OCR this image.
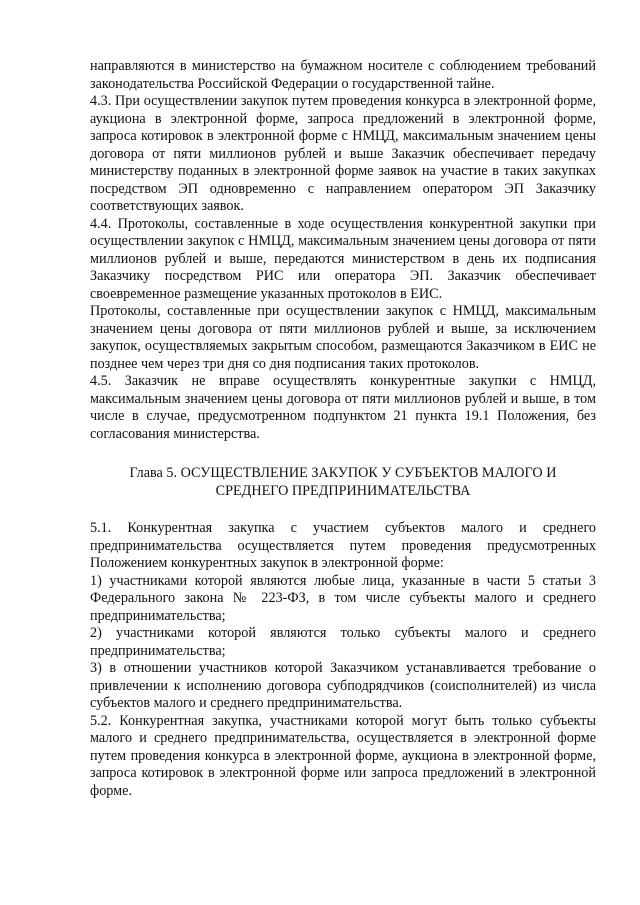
направляются в министерство на бумажном носителе с соблюдением требований законодательства Российской Федерации о государственной тайне.

4.3. При осуществлении закупок путем проведения конкурса в электронной форме, аукциона в электронной форме, запроса предложений в электронной форме, запроса котировок в электронной форме с НМЦД, максимальным значением цены договора от пяти миллионов рублей и выше Заказчик обеспечивает передачу министерству поданных в электронной форме заявок на участие в таких закупках посредством ЭП одновременно с направлением оператором ЭП Заказчику соответствующих заявок.

4.4. Протоколы, составленные в ходе осуществления конкурентной закупки при осуществлении закупок с НМЦД, максимальным значением цены договора от пяти миллионов рублей и выше, передаются министерством в день их подписания Заказчику посредством РИС или оператора ЭП. Заказчик обеспечивает своевременное размещение указанных протоколов в ЕИС.

Протоколы, составленные при осуществлении закупок с НМЦД, максимальным значением цены договора от пяти миллионов рублей и выше, за исключением закупок, осуществляемых закрытым способом, размещаются Заказчиком в ЕИС не позднее чем через три дня со дня подписания таких протоколов.

4.5. Заказчик не вправе осуществлять конкурентные закупки с НМЦД, максимальным значением цены договора от пяти миллионов рублей и выше, в том числе в случае, предусмотренном подпунктом 21 пункта 19.1 Положения, без согласования министерства.

Глава 5. ОСУЩЕСТВЛЕНИЕ ЗАКУПОК У СУБЪЕКТОВ МАЛОГО И
СРЕДНЕГО ПРЕДПРИНИМАТЕЛЬСТВА

5.1. Конкурентная закупка с участием субъектов малого и среднего предпринимательства осуществляется путем проведения предусмотренных Положением конкурентных закупок в электронной форме:

1) участниками которой являются любые лица, указанные в части 5 статьи 3 Федерального закона № 223-ФЗ, в том числе субъекты малого и среднего предпринимательства;

2) участниками которой являются только субъекты малого и среднего предпринимательства;

3) в отношении участников которой Заказчиком устанавливается требование о привлечении к исполнению договора субподрядчиков (соисполнителей) из числа субъектов малого и среднего предпринимательства.

5.2. Конкурентная закупка, участниками которой могут быть только субъекты малого и среднего предпринимательства, осуществляется в электронной форме путем проведения конкурса в электронной форме, аукциона в электронной форме, запроса котировок в электронной форме или запроса предложений в электронной форме.
